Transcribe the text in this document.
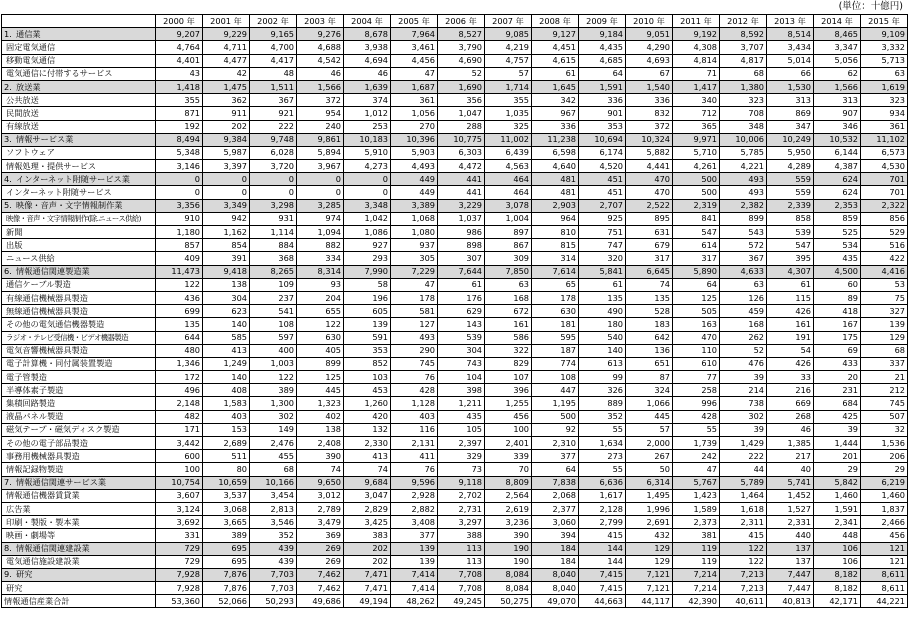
(単位：十億円)
	2000 年	2001 年	2002 年	2003 年	2004 年	2005 年	2006 年	2007 年	2008 年	2009 年	2010 年	2011 年	2012 年	2013 年	2014 年	2015 年
1. 通信業	9,207	9,229	9,165	9,276	8,678	7,964	8,527	9,085	9,127	9,184	9,051	9,192	8,592	8,514	8,465	9,109
固定電気通信	4,764	4,711	4,700	4,688	3,938	3,461	3,790	4,219	4,451	4,435	4,290	4,308	3,707	3,434	3,347	3,332
移動電気通信	4,401	4,477	4,417	4,542	4,694	4,456	4,690	4,757	4,615	4,685	4,693	4,814	4,817	5,014	5,056	5,713
電気通信に付帯するサービス	43	42	48	46	46	47	52	57	61	64	67	71	68	66	62	63
2. 放送業	1,418	1,475	1,511	1,566	1,639	1,687	1,690	1,714	1,645	1,591	1,540	1,417	1,380	1,530	1,566	1,619
公共放送	355	362	367	372	374	361	356	355	342	336	336	340	323	313	313	323
民間放送	871	911	921	954	1,012	1,056	1,047	1,035	967	901	832	712	708	869	907	934
有線放送	192	202	222	240	253	270	288	325	336	353	372	365	348	347	346	361
3. 情報サービス業	8,494	9,384	9,748	9,861	10,183	10,396	10,775	11,002	11,238	10,694	10,324	9,971	10,006	10,249	10,532	11,102
ソフトウェア	5,348	5,987	6,028	5,894	5,910	5,903	6,303	6,439	6,598	6,174	5,882	5,710	5,785	5,950	6,144	6,573
情報処理・提供サービス	3,146	3,397	3,720	3,967	4,273	4,493	4,472	4,563	4,640	4,520	4,441	4,261	4,221	4,289	4,387	4,530
4. インターネット附随サービス業	0	0	0	0	0	449	441	464	481	451	470	500	493	559	624	701
インターネット附随サービス	0	0	0	0	0	449	441	464	481	451	470	500	493	559	624	701
5. 映像・音声・文字情報制作業	3,356	3,349	3,298	3,285	3,348	3,389	3,229	3,078	2,903	2,707	2,522	2,319	2,382	2,339	2,353	2,322
映像・音声・文字情報制作(除.ニュース供給)	910	942	931	974	1,042	1,068	1,037	1,004	964	925	895	841	899	858	859	856
新聞	1,180	1,162	1,114	1,094	1,086	1,080	986	897	810	751	631	547	543	539	525	529
出版	857	854	884	882	927	937	898	867	815	747	679	614	572	547	534	516
ニュース供給	409	391	368	334	293	305	307	309	314	320	317	317	367	395	435	422
6. 情報通信関連製造業	11,473	9,418	8,265	8,314	7,990	7,229	7,644	7,850	7,614	5,841	6,645	5,890	4,633	4,307	4,500	4,416
通信ケーブル製造	122	138	109	93	58	47	61	63	65	61	74	64	63	61	60	53
有線通信機械器具製造	436	304	237	204	196	178	176	168	178	135	135	125	126	115	89	75
無線通信機械器具製造	699	623	541	655	605	581	629	672	630	490	528	505	459	426	418	327
その他の電気通信機器製造	135	140	108	122	139	127	143	161	181	180	183	163	168	161	167	139
ラジオ・テレビ受信機・ビデオ機器製造	644	585	597	630	591	493	539	586	595	540	642	470	262	191	175	129
電気音響機械器具製造	480	413	400	405	353	290	304	322	187	140	136	110	52	54	69	68
電子計算機・同付属装置製造	1,346	1,249	1,003	899	852	745	743	829	774	613	651	610	476	426	433	337
電子管製造	172	140	122	125	103	76	104	107	108	99	87	77	39	33	20	21
半導体素子製造	496	408	389	445	453	428	398	396	447	326	324	258	214	216	231	212
集積回路製造	2,148	1,583	1,300	1,323	1,260	1,128	1,211	1,255	1,195	889	1,066	996	738	669	684	745
液晶パネル製造	482	403	302	402	420	403	435	456	500	352	445	428	302	268	425	507
磁気テープ・磁気ディスク製造	171	153	149	138	132	116	105	100	92	55	57	55	39	46	39	32
その他の電子部品製造	3,442	2,689	2,476	2,408	2,330	2,131	2,397	2,401	2,310	1,634	2,000	1,739	1,429	1,385	1,444	1,536
事務用機械器具製造	600	511	455	390	413	411	329	339	377	273	267	242	222	217	201	206
情報記録物製造	100	80	68	74	74	76	73	70	64	55	50	47	44	40	29	29
7. 情報通信関連サービス業	10,754	10,659	10,166	9,650	9,684	9,596	9,118	8,809	7,838	6,636	6,314	5,767	5,789	5,741	5,842	6,219
情報通信機器賃貸業	3,607	3,537	3,454	3,012	3,047	2,928	2,702	2,564	2,068	1,617	1,495	1,423	1,464	1,452	1,460	1,460
広告業	3,124	3,068	2,813	2,789	2,829	2,882	2,731	2,619	2,377	2,128	1,996	1,589	1,618	1,527	1,591	1,837
印刷・製版・製本業	3,692	3,665	3,546	3,479	3,425	3,408	3,297	3,236	3,060	2,799	2,691	2,373	2,311	2,331	2,341	2,466
映画・劇場等	331	389	352	369	383	377	388	390	394	415	432	381	415	440	448	456
8. 情報通信関連建設業	729	695	439	269	202	139	113	190	184	144	129	119	122	137	106	121
電気通信施設建設業	729	695	439	269	202	139	113	190	184	144	129	119	122	137	106	121
9. 研究	7,928	7,876	7,703	7,462	7,471	7,414	7,708	8,084	8,040	7,415	7,121	7,214	7,213	7,447	8,182	8,611
研究	7,928	7,876	7,703	7,462	7,471	7,414	7,708	8,084	8,040	7,415	7,121	7,214	7,213	7,447	8,182	8,611
情報通信産業合計	53,360	52,066	50,293	49,686	49,194	48,262	49,245	50,275	49,070	44,663	44,117	42,390	40,611	40,813	42,171	44,221
